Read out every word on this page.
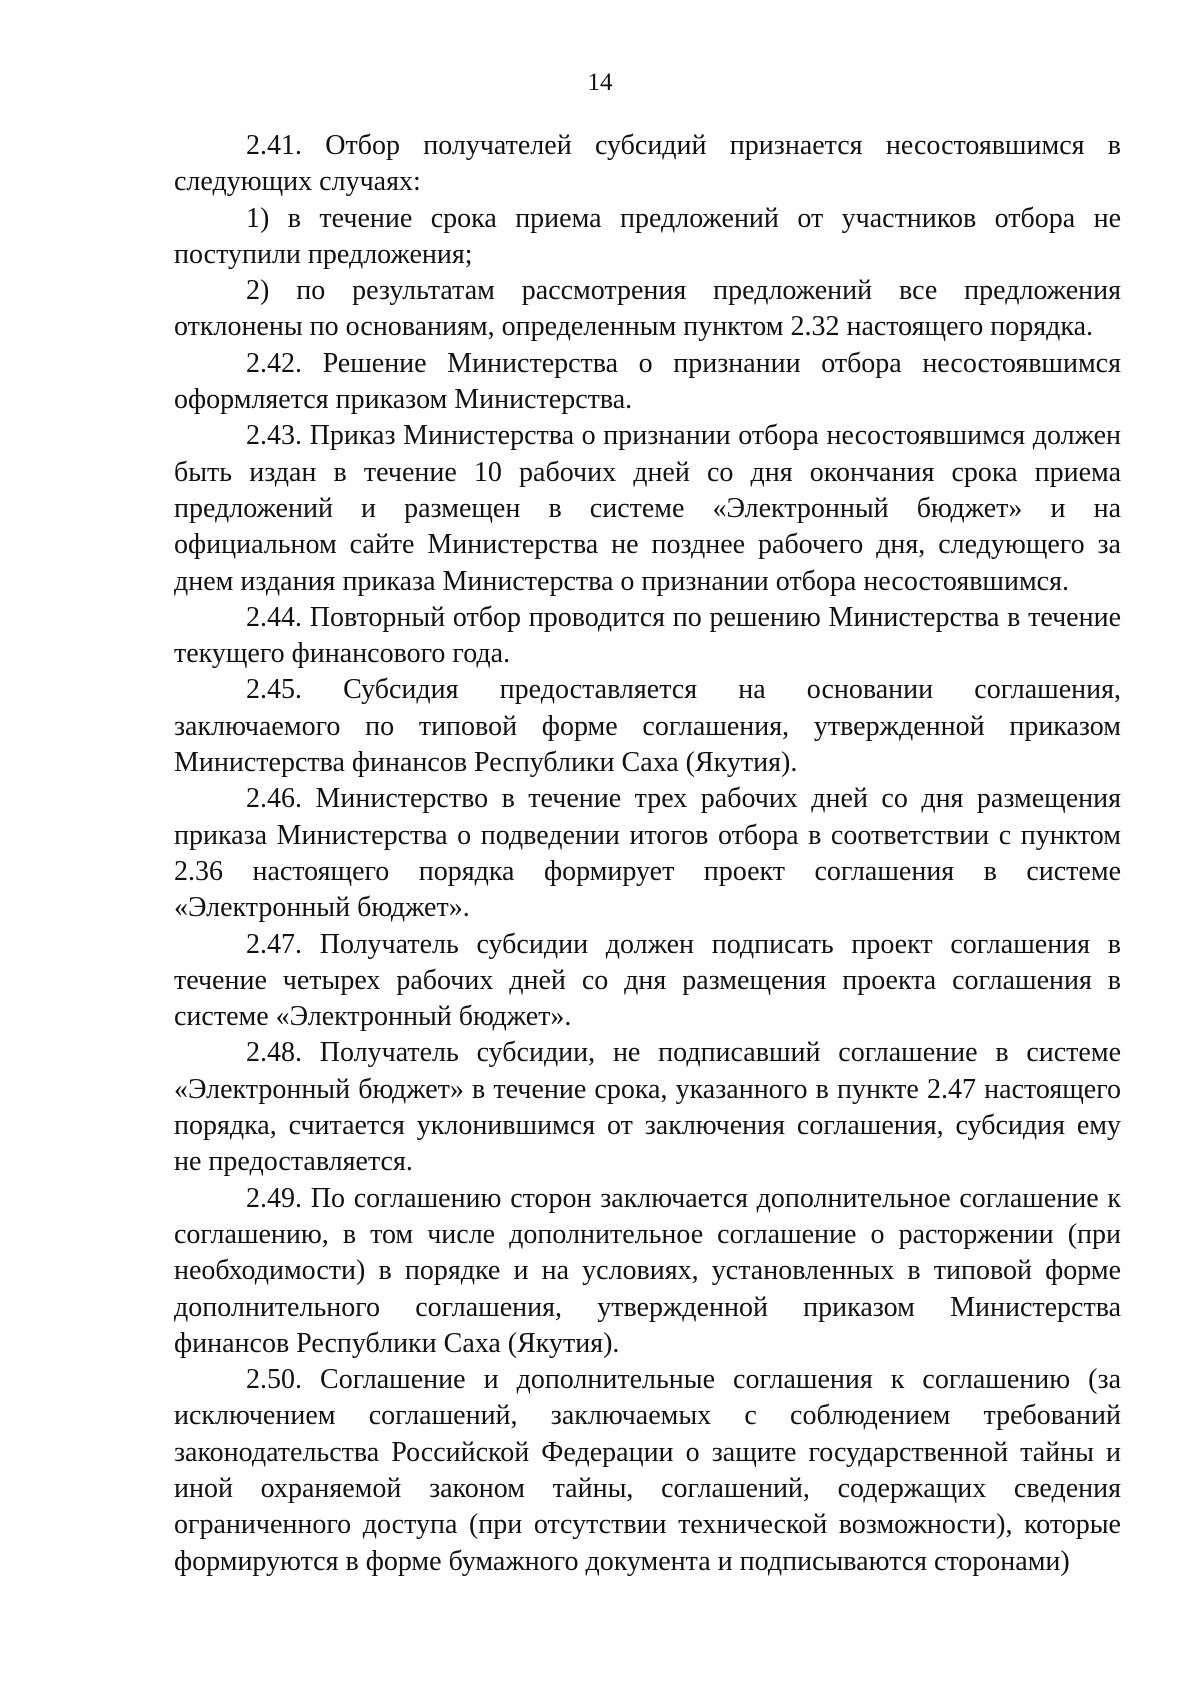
14

2.41. Отбор получателей субсидий признается несостоявшимся в следующих случаях:

1) в течение срока приема предложений от участников отбора не поступили предложения;

2) по результатам рассмотрения предложений все предложения отклонены по основаниям, определенным пунктом 2.32 настоящего порядка.

2.42. Решение Министерства о признании отбора несостоявшимся оформляется приказом Министерства.

2.43. Приказ Министерства о признании отбора несостоявшимся должен быть издан в течение 10 рабочих дней со дня окончания срока приема предложений и размещен в системе «Электронный бюджет» и на официальном сайте Министерства не позднее рабочего дня, следующего за днем издания приказа Министерства о признании отбора несостоявшимся.

2.44. Повторный отбор проводится по решению Министерства в течение текущего финансового года.

2.45. Субсидия предоставляется на основании соглашения, заключаемого по типовой форме соглашения, утвержденной приказом Министерства финансов Республики Саха (Якутия).

2.46. Министерство в течение трех рабочих дней со дня размещения приказа Министерства о подведении итогов отбора в соответствии с пунктом 2.36 настоящего порядка формирует проект соглашения в системе «Электронный бюджет».

2.47. Получатель субсидии должен подписать проект соглашения в течение четырех рабочих дней со дня размещения проекта соглашения в системе «Электронный бюджет».

2.48. Получатель субсидии, не подписавший соглашение в системе «Электронный бюджет» в течение срока, указанного в пункте 2.47 настоящего порядка, считается уклонившимся от заключения соглашения, субсидия ему не предоставляется.

2.49. По соглашению сторон заключается дополнительное соглашение к соглашению, в том числе дополнительное соглашение о расторжении (при необходимости) в порядке и на условиях, установленных в типовой форме дополнительного соглашения, утвержденной приказом Министерства финансов Республики Саха (Якутия).

2.50. Соглашение и дополнительные соглашения к соглашению (за исключением соглашений, заключаемых с соблюдением требований законодательства Российской Федерации о защите государственной тайны и иной охраняемой законом тайны, соглашений, содержащих сведения ограниченного доступа (при отсутствии технической возможности), которые формируются в форме бумажного документа и подписываются сторонами)
